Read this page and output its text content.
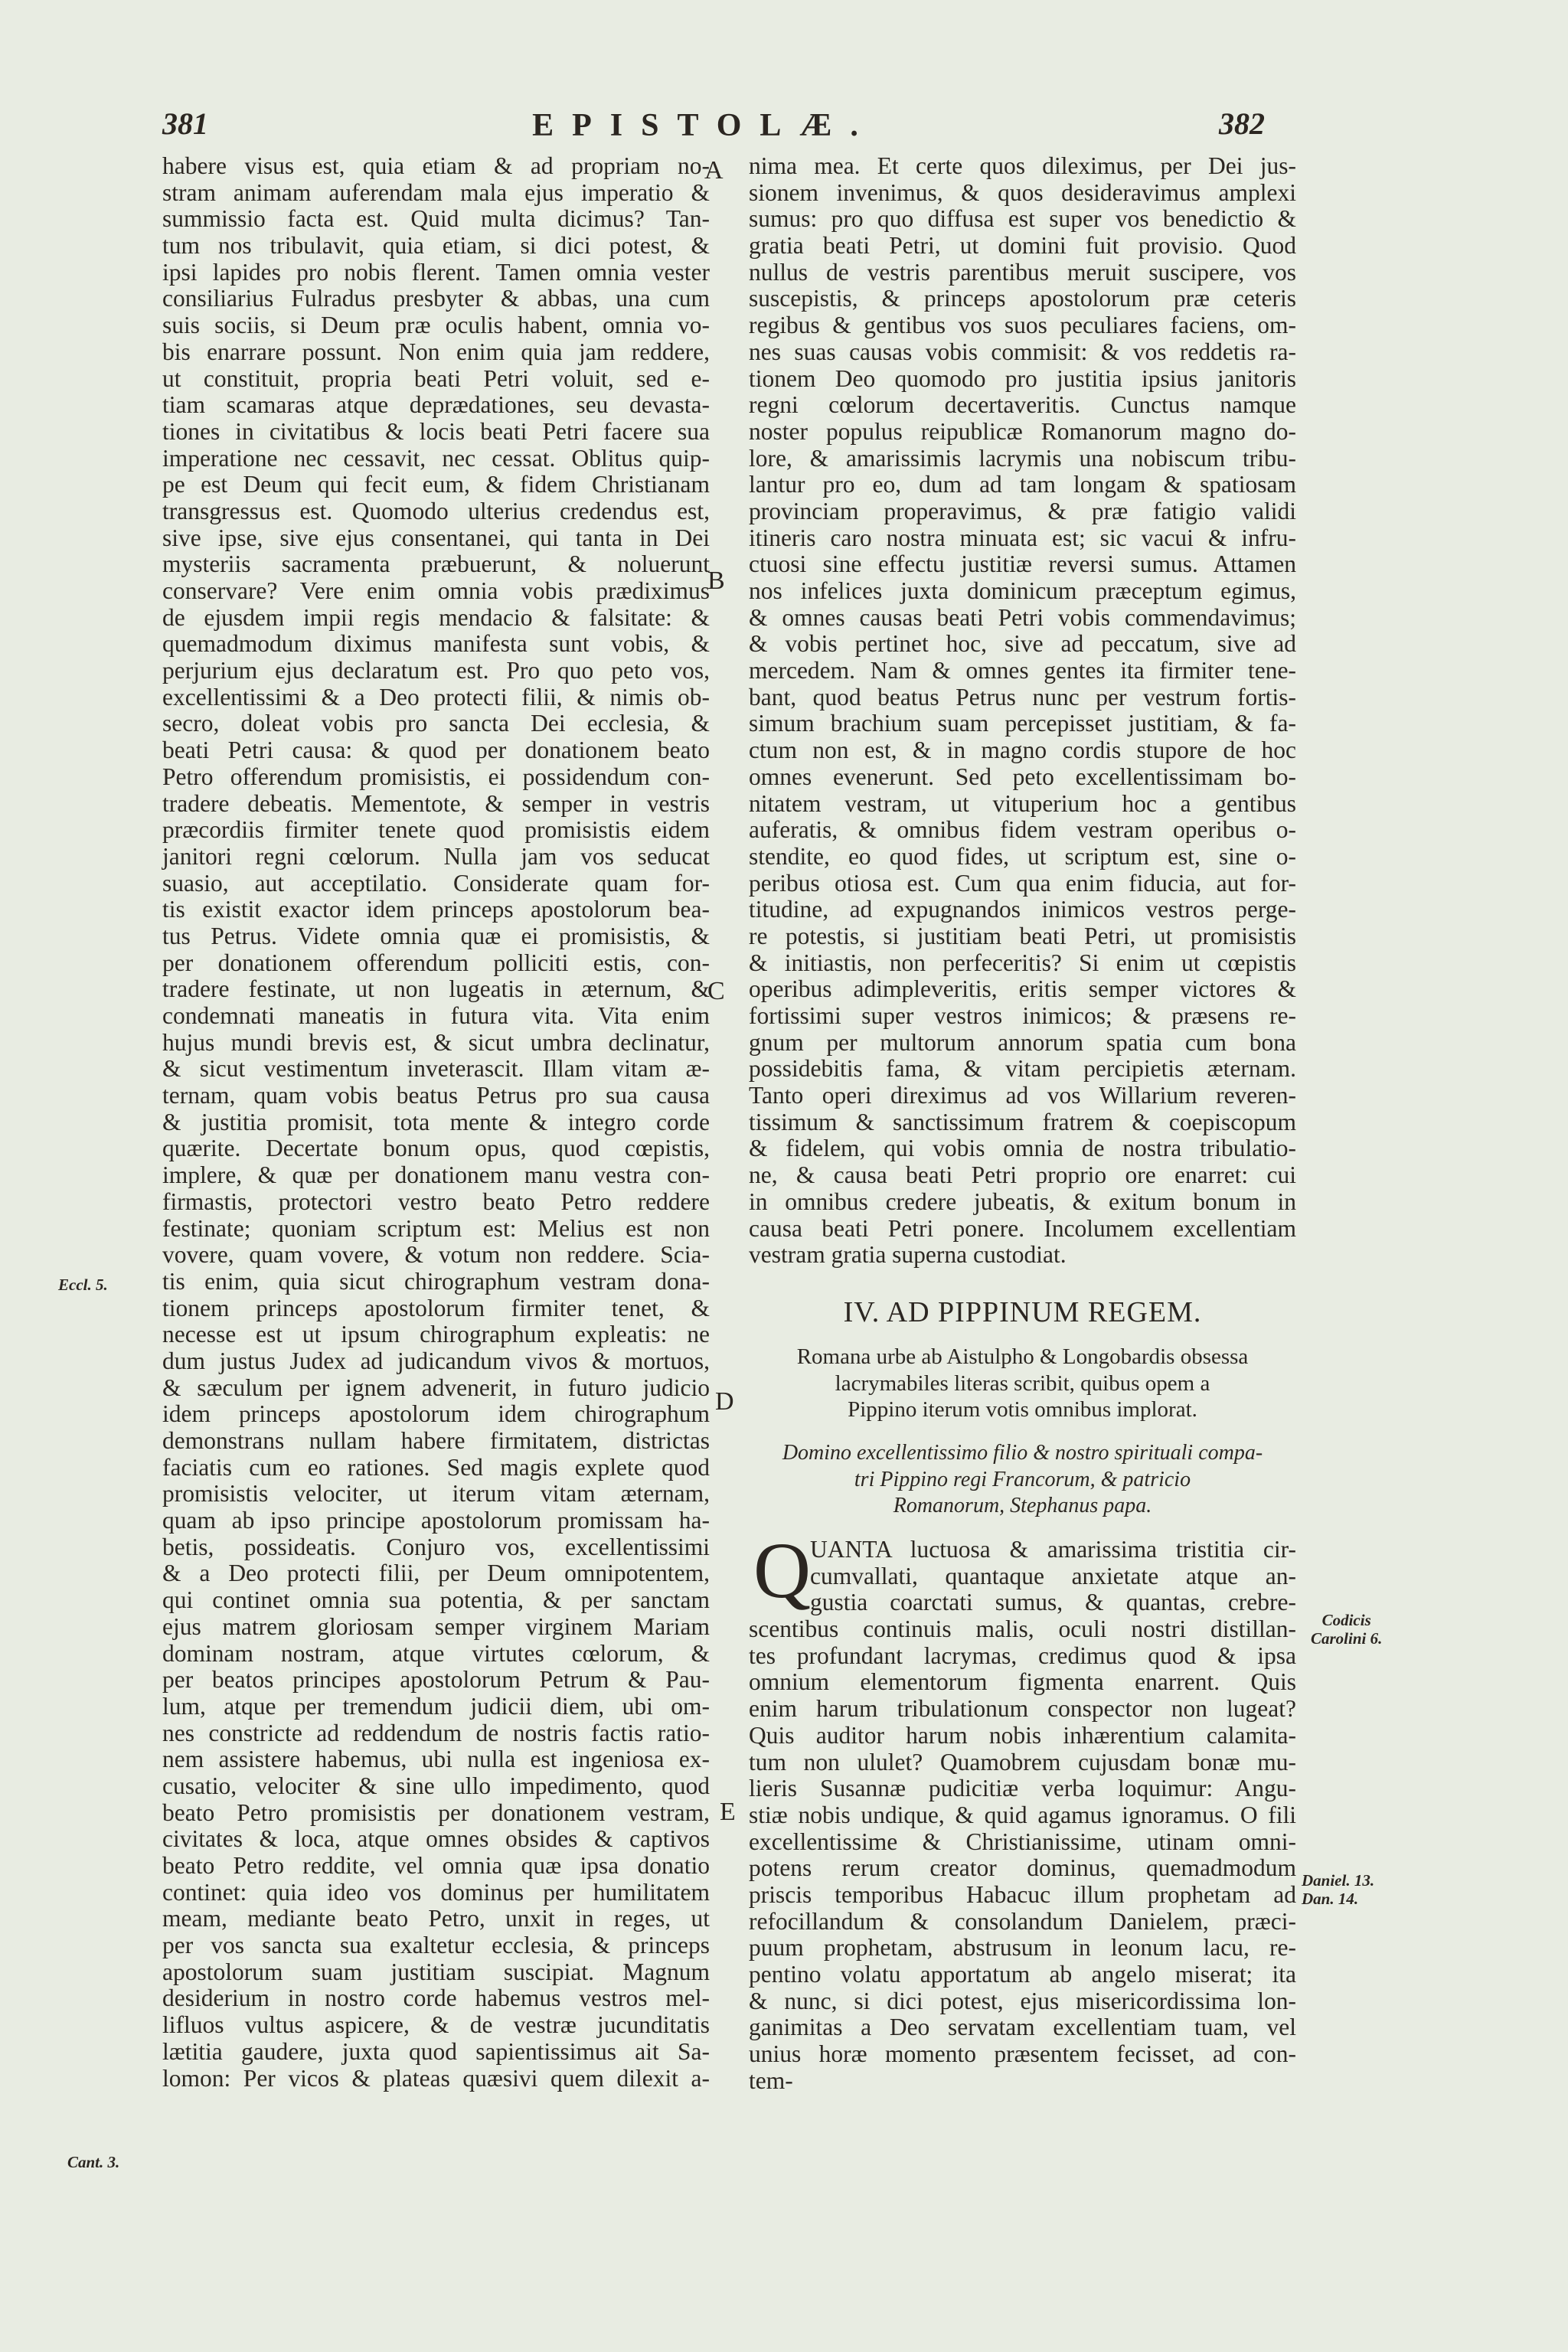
381	EPISTOLÆ.	382
habere visus est, quia etiam & ad propriam no-
stram animam auferendam mala ejus imperatio &
summissio facta est. Quid multa dicimus? Tan-
tum nos tribulavit, quia etiam, si dici potest, &
ipsi lapides pro nobis flerent. Tamen omnia vester
consiliarius Fulradus presbyter & abbas, una cum
suis sociis, si Deum præ oculis habent, omnia vo-
bis enarrare possunt. Non enim quia jam reddere,
ut constituit, propria beati Petri voluit, sed e-
tiam scamaras atque deprædationes, seu devasta-
tiones in civitatibus & locis beati Petri facere sua
imperatione nec cessavit, nec cessat. Oblitus quip-
pe est Deum qui fecit eum, & fidem Christianam
transgressus est. Quomodo ulterius credendus est,
sive ipse, sive ejus consentanei, qui tanta in Dei
mysteriis sacramenta præbuerunt, & noluerunt
conservare? Vere enim omnia vobis prædiximus
de ejusdem impii regis mendacio & falsitate: &
quemadmodum diximus manifesta sunt vobis, &
perjurium ejus declaratum est. Pro quo peto vos,
excellentissimi & a Deo protecti filii, & nimis ob-
secro, doleat vobis pro sancta Dei ecclesia, &
beati Petri causa: & quod per donationem beato
Petro offerendum promisistis, ei possidendum con-
tradere debeatis. Mementote, & semper in vestris
præcordiis firmiter tenete quod promisistis eidem
janitori regni cœlorum. Nulla jam vos seducat
suasio, aut acceptilatio. Considerate quam for-
tis existit exactor idem princeps apostolorum bea-
tus Petrus. Videte omnia quæ ei promisistis, &
per donationem offerendum polliciti estis, con-
tradere festinate, ut non lugeatis in æternum, &
condemnati maneatis in futura vita. Vita enim
hujus mundi brevis est, & sicut umbra declinatur,
& sicut vestimentum inveterascit. Illam vitam æ-
ternam, quam vobis beatus Petrus pro sua causa
& justitia promisit, tota mente & integro corde
quærite. Decertate bonum opus, quod cœpistis,
implere, & quæ per donationem manu vestra con-
firmastis, protectori vestro beato Petro reddere
festinate; quoniam scriptum est: Melius est non
vovere, quam vovere, & votum non reddere. Scia-
tis enim, quia sicut chirographum vestram dona-
tionem princeps apostolorum firmiter tenet, &
necesse est ut ipsum chirographum expleatis: ne
dum justus Judex ad judicandum vivos & mortuos,
& sæculum per ignem advenerit, in futuro judicio
idem princeps apostolorum idem chirographum
demonstrans nullam habere firmitatem, districtas
faciatis cum eo rationes. Sed magis explete quod
promisistis velociter, ut iterum vitam æternam,
quam ab ipso principe apostolorum promissam ha-
betis, possideatis. Conjuro vos, excellentissimi
& a Deo protecti filii, per Deum omnipotentem,
qui continet omnia sua potentia, & per sanctam
ejus matrem gloriosam semper virginem Mariam
dominam nostram, atque virtutes cœlorum, &
per beatos principes apostolorum Petrum & Pau-
lum, atque per tremendum judicii diem, ubi om-
nes constricte ad reddendum de nostris factis ratio-
nem assistere habemus, ubi nulla est ingeniosa ex-
cusatio, velociter & sine ullo impedimento, quod
beato Petro promisistis per donationem vestram,
civitates & loca, atque omnes obsides & captivos
beato Petro reddite, vel omnia quæ ipsa donatio
continet: quia ideo vos dominus per humilitatem
meam, mediante beato Petro, unxit in reges, ut
per vos sancta sua exaltetur ecclesia, & princeps
apostolorum suam justitiam suscipiat. Magnum
desiderium in nostro corde habemus vestros mel-
lifluos vultus aspicere, & de vestræ jucunditatis
lætitia gaudere, juxta quod sapientissimus ait Sa-
lomon: Per vicos & plateas quæsivi quem dilexit a-
nima mea. Et certe quos dileximus, per Dei jus-
sionem invenimus, & quos desideravimus amplexi
sumus: pro quo diffusa est super vos benedictio &
gratia beati Petri, ut domini fuit provisio. Quod
nullus de vestris parentibus meruit suscipere, vos
suscepistis, & princeps apostolorum præ ceteris
regibus & gentibus vos suos peculiares faciens, om-
nes suas causas vobis commisit: & vos reddetis ra-
tionem Deo quomodo pro justitia ipsius janitoris
regni cœlorum decertaveritis. Cunctus namque
noster populus reipublicæ Romanorum magno do-
lore, & amarissimis lacrymis una nobiscum tribu-
lantur pro eo, dum ad tam longam & spatiosam
provinciam properavimus, & præ fatigio validi
itineris caro nostra minuata est; sic vacui & infru-
ctuosi sine effectu justitiæ reversi sumus. Attamen
nos infelices juxta dominicum præceptum egimus,
& omnes causas beati Petri vobis commendavimus;
& vobis pertinet hoc, sive ad peccatum, sive ad
mercedem. Nam & omnes gentes ita firmiter tene-
bant, quod beatus Petrus nunc per vestrum fortis-
simum brachium suam percepisset justitiam, & fa-
ctum non est, & in magno cordis stupore de hoc
omnes evenerunt. Sed peto excellentissimam bo-
nitatem vestram, ut vituperium hoc a gentibus
auferatis, & omnibus fidem vestram operibus o-
stendite, eo quod fides, ut scriptum est, sine o-
peribus otiosa est. Cum qua enim fiducia, aut for-
titudine, ad expugnandos inimicos vestros perge-
re potestis, si justitiam beati Petri, ut promisistis
& initiastis, non perfeceritis? Si enim ut cœpistis
operibus adimpleveritis, eritis semper victores &
fortissimi super vestros inimicos; & præsens re-
gnum per multorum annorum spatia cum bona
possidebitis fama, & vitam percipietis æternam.
Tanto operi direximus ad vos Willarium reveren-
tissimum & sanctissimum fratrem & coepiscopum
& fidelem, qui vobis omnia de nostra tribulatio-
ne, & causa beati Petri proprio ore enarret: cui
in omnibus credere jubeatis, & exitum bonum in
causa beati Petri ponere. Incolumem excellentiam
vestram gratia superna custodiat.
IV. AD PIPPINUM REGEM.
Romana urbe ab Aistulpho & Longobardis obsessa
lacrymabiles literas scribit, quibus opem a
Pippino iterum votis omnibus implorat.
Domino excellentissimo filio & nostro spirituali compa-
tri Pippino regi Francorum, & patricio
Romanorum, Stephanus papa.
Q
UANTA luctuosa & amarissima tristitia cir-
cumvallati, quantaque anxietate atque an-
gustia coarctati sumus, & quantas, crebre-
scentibus continuis malis, oculi nostri distillan-
tes profundant lacrymas, credimus quod & ipsa
omnium elementorum figmenta enarrent. Quis
enim harum tribulationum conspector non lugeat?
Quis auditor harum nobis inhærentium calamita-
tum non ululet? Quamobrem cujusdam bonæ mu-
lieris Susannæ pudicitiæ verba loquimur: Angu-
stiæ nobis undique, & quid agamus ignoramus. O fili
excellentissime & Christianissime, utinam omni-
potens rerum creator dominus, quemadmodum
priscis temporibus Habacuc illum prophetam ad
refocillandum & consolandum Danielem, præci-
puum prophetam, abstrusum in leonum lacu, re-
pentino volatu apportatum ab angelo miserat; ita
& nunc, si dici potest, ejus misericordissima lon-
ganimitas a Deo servatam excellentiam tuam, vel
unius horæ momento præsentem fecisset, ad con-
tem-
A
B
C
D
E
Eccl. 5.
Cant. 3.
Codicis
Carolini 6.
Daniel. 13.
Dan. 14.
